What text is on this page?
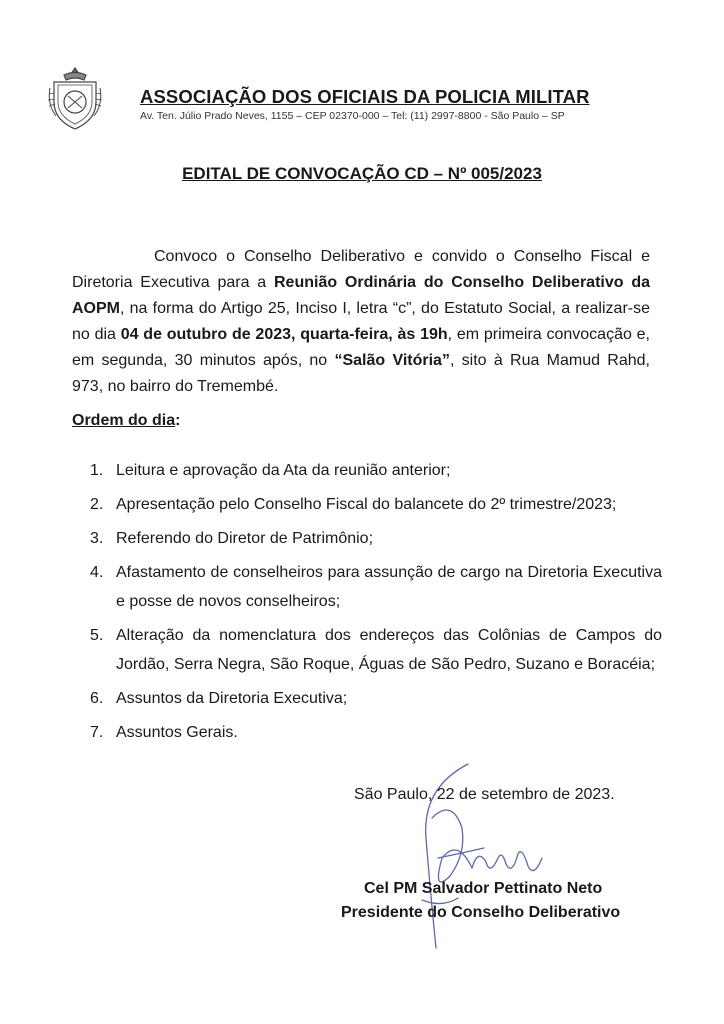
ASSOCIAÇÃO DOS OFICIAIS DA POLICIA MILITAR
Av. Ten. Júlio Prado Neves, 1155 – CEP 02370-000 – Tel: (11) 2997-8800 - São Paulo – SP
EDITAL DE CONVOCAÇÃO CD – Nº 005/2023

Convoco o Conselho Deliberativo e convido o Conselho Fiscal e Diretoria Executiva para a Reunião Ordinária do Conselho Deliberativo da AOPM, na forma do Artigo 25, Inciso I, letra “c”, do Estatuto Social, a realizar-se no dia 04 de outubro de 2023, quarta-feira, às 19h, em primeira convocação e, em segunda, 30 minutos após, no “Salão Vitória”, sito à Rua Mamud Rahd, 973, no bairro do Tremembé.

Ordem do dia:
1. Leitura e aprovação da Ata da reunião anterior;
2. Apresentação pelo Conselho Fiscal do balancete do 2º trimestre/2023;
3. Referendo do Diretor de Patrimônio;
4. Afastamento de conselheiros para assunção de cargo na Diretoria Executiva e posse de novos conselheiros;
5. Alteração da nomenclatura dos endereços das Colônias de Campos do Jordão, Serra Negra, São Roque, Águas de São Pedro, Suzano e Boracéia;
6. Assuntos da Diretoria Executiva;
7. Assuntos Gerais.
São Paulo, 22 de setembro de 2023.
Cel PM Salvador Pettinato Neto
Presidente do Conselho Deliberativo
